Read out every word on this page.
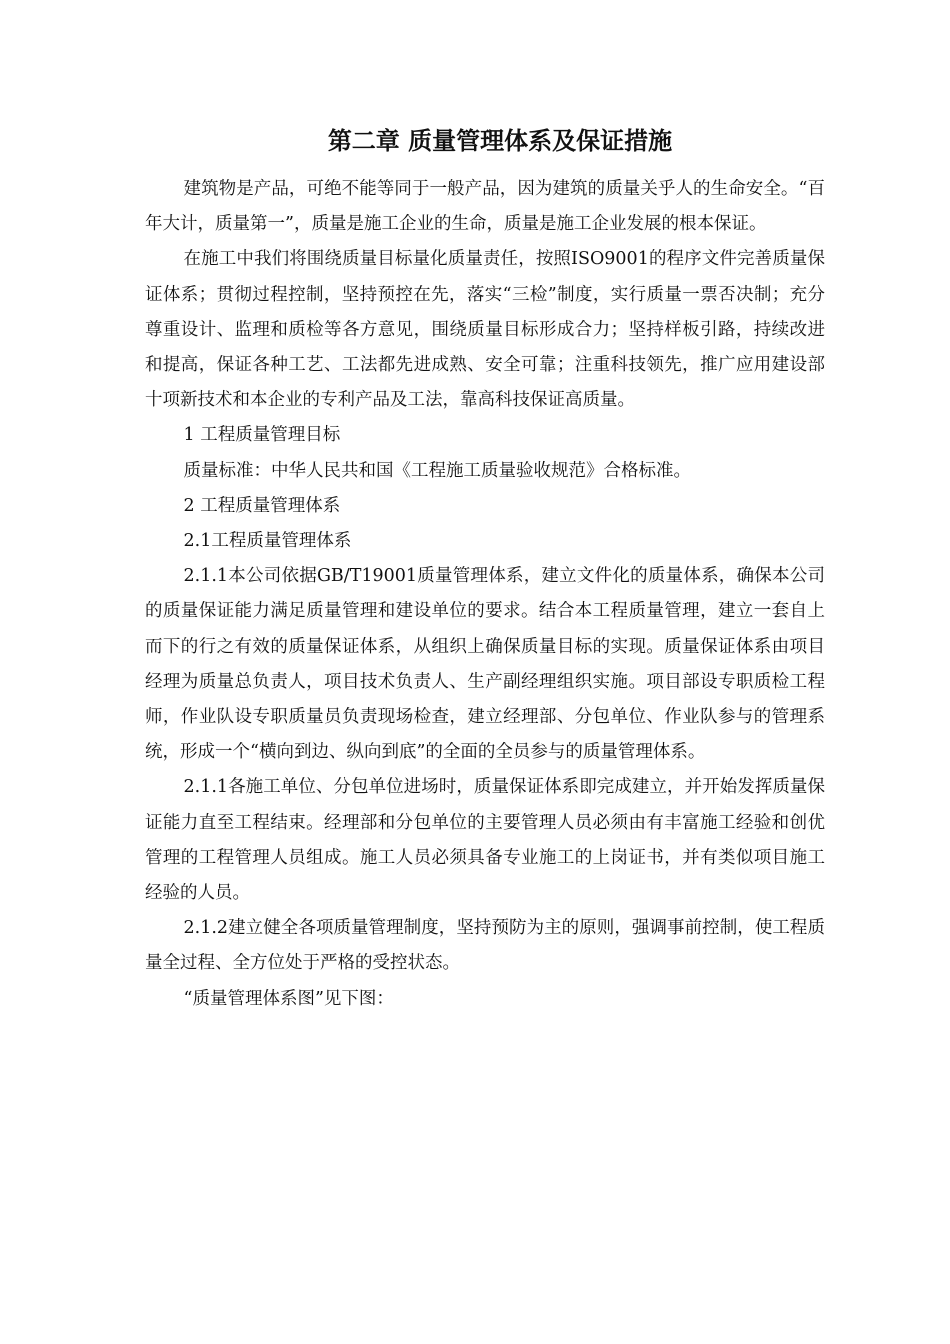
第二章 质量管理体系及保证措施

建筑物是产品，可绝不能等同于一般产品，因为建筑的质量关乎人的生命安全。“百年大计，质量第一”，质量是施工企业的生命，质量是施工企业发展的根本保证。

在施工中我们将围绕质量目标量化质量责任，按照ISO9001的程序文件完善质量保证体系；贯彻过程控制，坚持预控在先，落实“三检”制度，实行质量一票否决制；充分尊重设计、监理和质检等各方意见，围绕质量目标形成合力；坚持样板引路，持续改进和提高，保证各种工艺、工法都先进成熟、安全可靠；注重科技领先，推广应用建设部十项新技术和本企业的专利产品及工法，靠高科技保证高质量。

1 工程质量管理目标

质量标准：中华人民共和国《工程施工质量验收规范》合格标准。

2 工程质量管理体系

2.1工程质量管理体系

2.1.1本公司依据GB/T19001质量管理体系，建立文件化的质量体系，确保本公司的质量保证能力满足质量管理和建设单位的要求。结合本工程质量管理，建立一套自上而下的行之有效的质量保证体系，从组织上确保质量目标的实现。质量保证体系由项目经理为质量总负责人，项目技术负责人、生产副经理组织实施。项目部设专职质检工程师，作业队设专职质量员负责现场检查，建立经理部、分包单位、作业队参与的管理系统，形成一个“横向到边、纵向到底”的全面的全员参与的质量管理体系。

2.1.1各施工单位、分包单位进场时，质量保证体系即完成建立，并开始发挥质量保证能力直至工程结束。经理部和分包单位的主要管理人员必须由有丰富施工经验和创优管理的工程管理人员组成。施工人员必须具备专业施工的上岗证书，并有类似项目施工经验的人员。

2.1.2建立健全各项质量管理制度，坚持预防为主的原则，强调事前控制，使工程质量全过程、全方位处于严格的受控状态。

“质量管理体系图”见下图：
